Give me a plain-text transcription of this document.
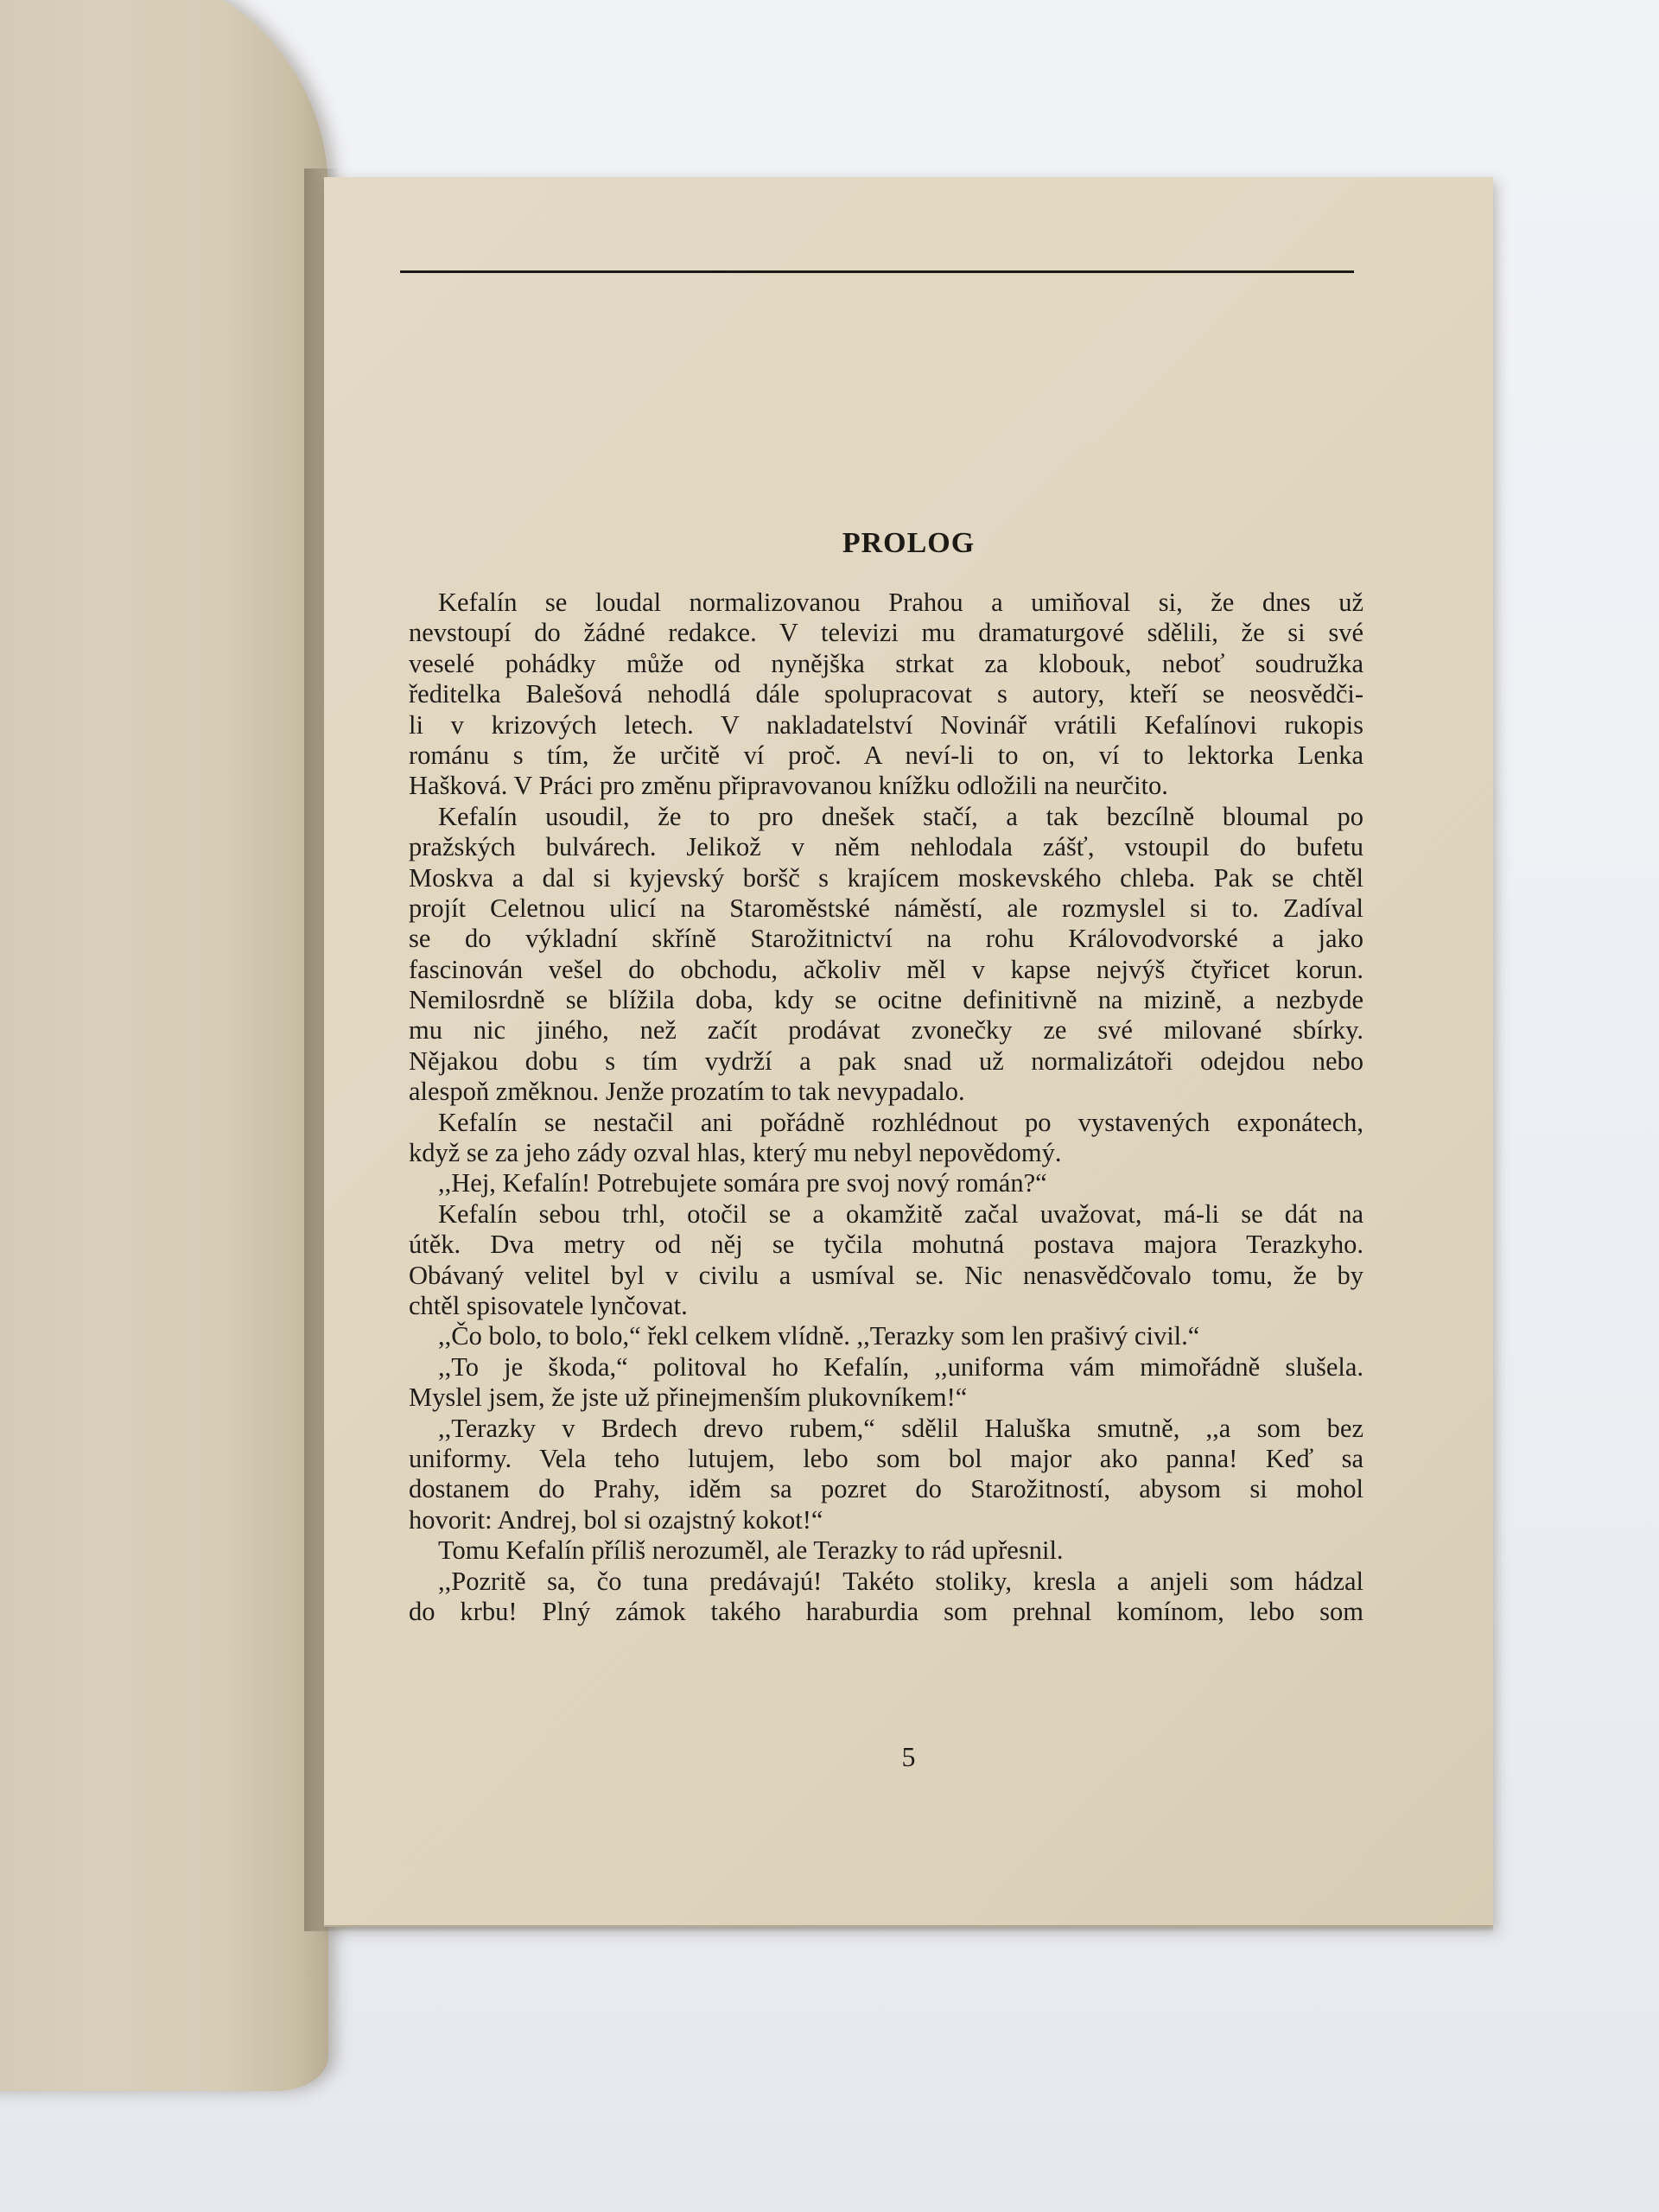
PROLOG
Kefalín se loudal normalizovanou Prahou a umiňoval si, že dnes už
nevstoupí do žádné redakce. V televizi mu dramaturgové sdělili, že si své
veselé pohádky může od nynějška strkat za klobouk, neboť soudružka
ředitelka Balešová nehodlá dále spolupracovat s autory, kteří se neosvědči-
li v krizových letech. V nakladatelství Novinář vrátili Kefalínovi rukopis
románu s tím, že určitě ví proč. A neví-li to on, ví to lektorka Lenka
Hašková. V Práci pro změnu připravovanou knížku odložili na neurčito.
Kefalín usoudil, že to pro dnešek stačí, a tak bezcílně bloumal po
pražských bulvárech. Jelikož v něm nehlodala zášť, vstoupil do bufetu
Moskva a dal si kyjevský boršč s krajícem moskevského chleba. Pak se chtěl
projít Celetnou ulicí na Staroměstské náměstí, ale rozmyslel si to. Zadíval
se do výkladní skříně Starožitnictví na rohu Královodvorské a jako
fascinován vešel do obchodu, ačkoliv měl v kapse nejvýš čtyřicet korun.
Nemilosrdně se blížila doba, kdy se ocitne definitivně na mizině, a nezbyde
mu nic jiného, než začít prodávat zvonečky ze své milované sbírky.
Nějakou dobu s tím vydrží a pak snad už normalizátoři odejdou nebo
alespoň změknou. Jenže prozatím to tak nevypadalo.
Kefalín se nestačil ani pořádně rozhlédnout po vystavených exponátech,
když se za jeho zády ozval hlas, který mu nebyl nepovědomý.
,,Hej, Kefalín! Potrebujete somára pre svoj nový román?“
Kefalín sebou trhl, otočil se a okamžitě začal uvažovat, má-li se dát na
útěk. Dva metry od něj se tyčila mohutná postava majora Terazkyho.
Obávaný velitel byl v civilu a usmíval se. Nic nenasvědčovalo tomu, že by
chtěl spisovatele lynčovat.
,,Čo bolo, to bolo,“ řekl celkem vlídně. ,,Terazky som len prašivý civil.“
,,To je škoda,“ politoval ho Kefalín, ,,uniforma vám mimořádně slušela.
Myslel jsem, že jste už přinejmenším plukovníkem!“
,,Terazky v Brdech drevo rubem,“ sdělil Haluška smutně, ,,a som bez
uniformy. Vela teho lutujem, lebo som bol major ako panna! Keď sa
dostanem do Prahy, iděm sa pozret do Starožitností, abysom si mohol
hovorit: Andrej, bol si ozajstný kokot!“
Tomu Kefalín příliš nerozuměl, ale Terazky to rád upřesnil.
,,Pozritě sa, čo tuna predávajú! Takéto stoliky, kresla a anjeli som hádzal
do krbu! Plný zámok takého haraburdia som prehnal komínom, lebo som
5
